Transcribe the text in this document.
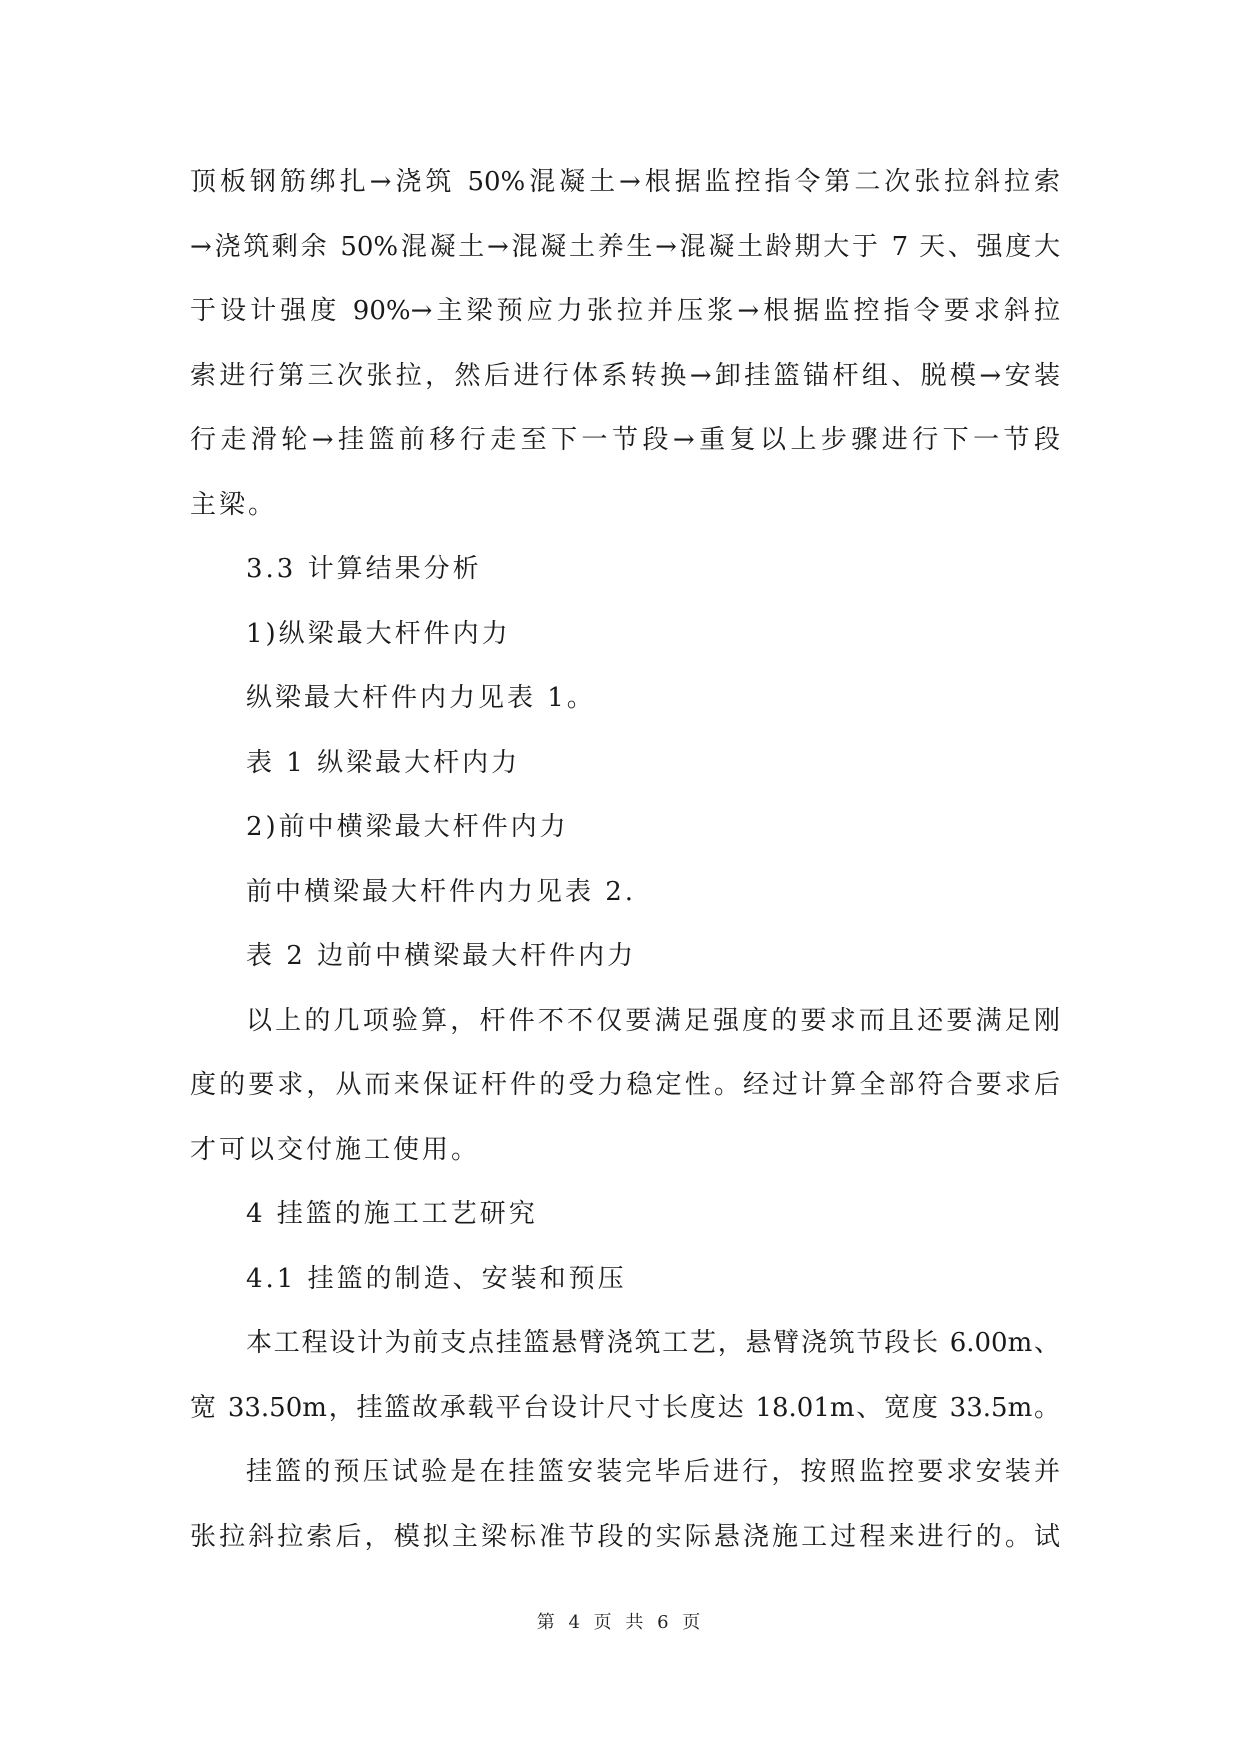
顶板钢筋绑扎→浇筑 50%混凝土→根据监控指令第二次张拉斜拉索
→浇筑剩余 50%混凝土→混凝土养生→混凝土龄期大于 7 天、强度大
于设计强度 90%→主梁预应力张拉并压浆→根据监控指令要求斜拉
索进行第三次张拉，然后进行体系转换→卸挂篮锚杆组、脱模→安装
行走滑轮→挂篮前移行走至下一节段→重复以上步骤进行下一节段
主梁。
3.3 计算结果分析
1)纵梁最大杆件内力
纵梁最大杆件内力见表 1。
表 1 纵梁最大杆内力
2)前中横梁最大杆件内力
前中横梁最大杆件内力见表 2.
表 2 边前中横梁最大杆件内力
以上的几项验算，杆件不不仅要满足强度的要求而且还要满足刚
度的要求，从而来保证杆件的受力稳定性。经过计算全部符合要求后
才可以交付施工使用。
4 挂篮的施工工艺研究
4.1 挂篮的制造、安装和预压
本工程设计为前支点挂篮悬臂浇筑工艺，悬臂浇筑节段长 6.00m、
宽 33.50m，挂篮故承载平台设计尺寸长度达 18.01m、宽度 33.5m。
挂篮的预压试验是在挂篮安装完毕后进行，按照监控要求安装并
张拉斜拉索后，模拟主梁标准节段的实际悬浇施工过程来进行的。试
第 4 页 共 6 页
